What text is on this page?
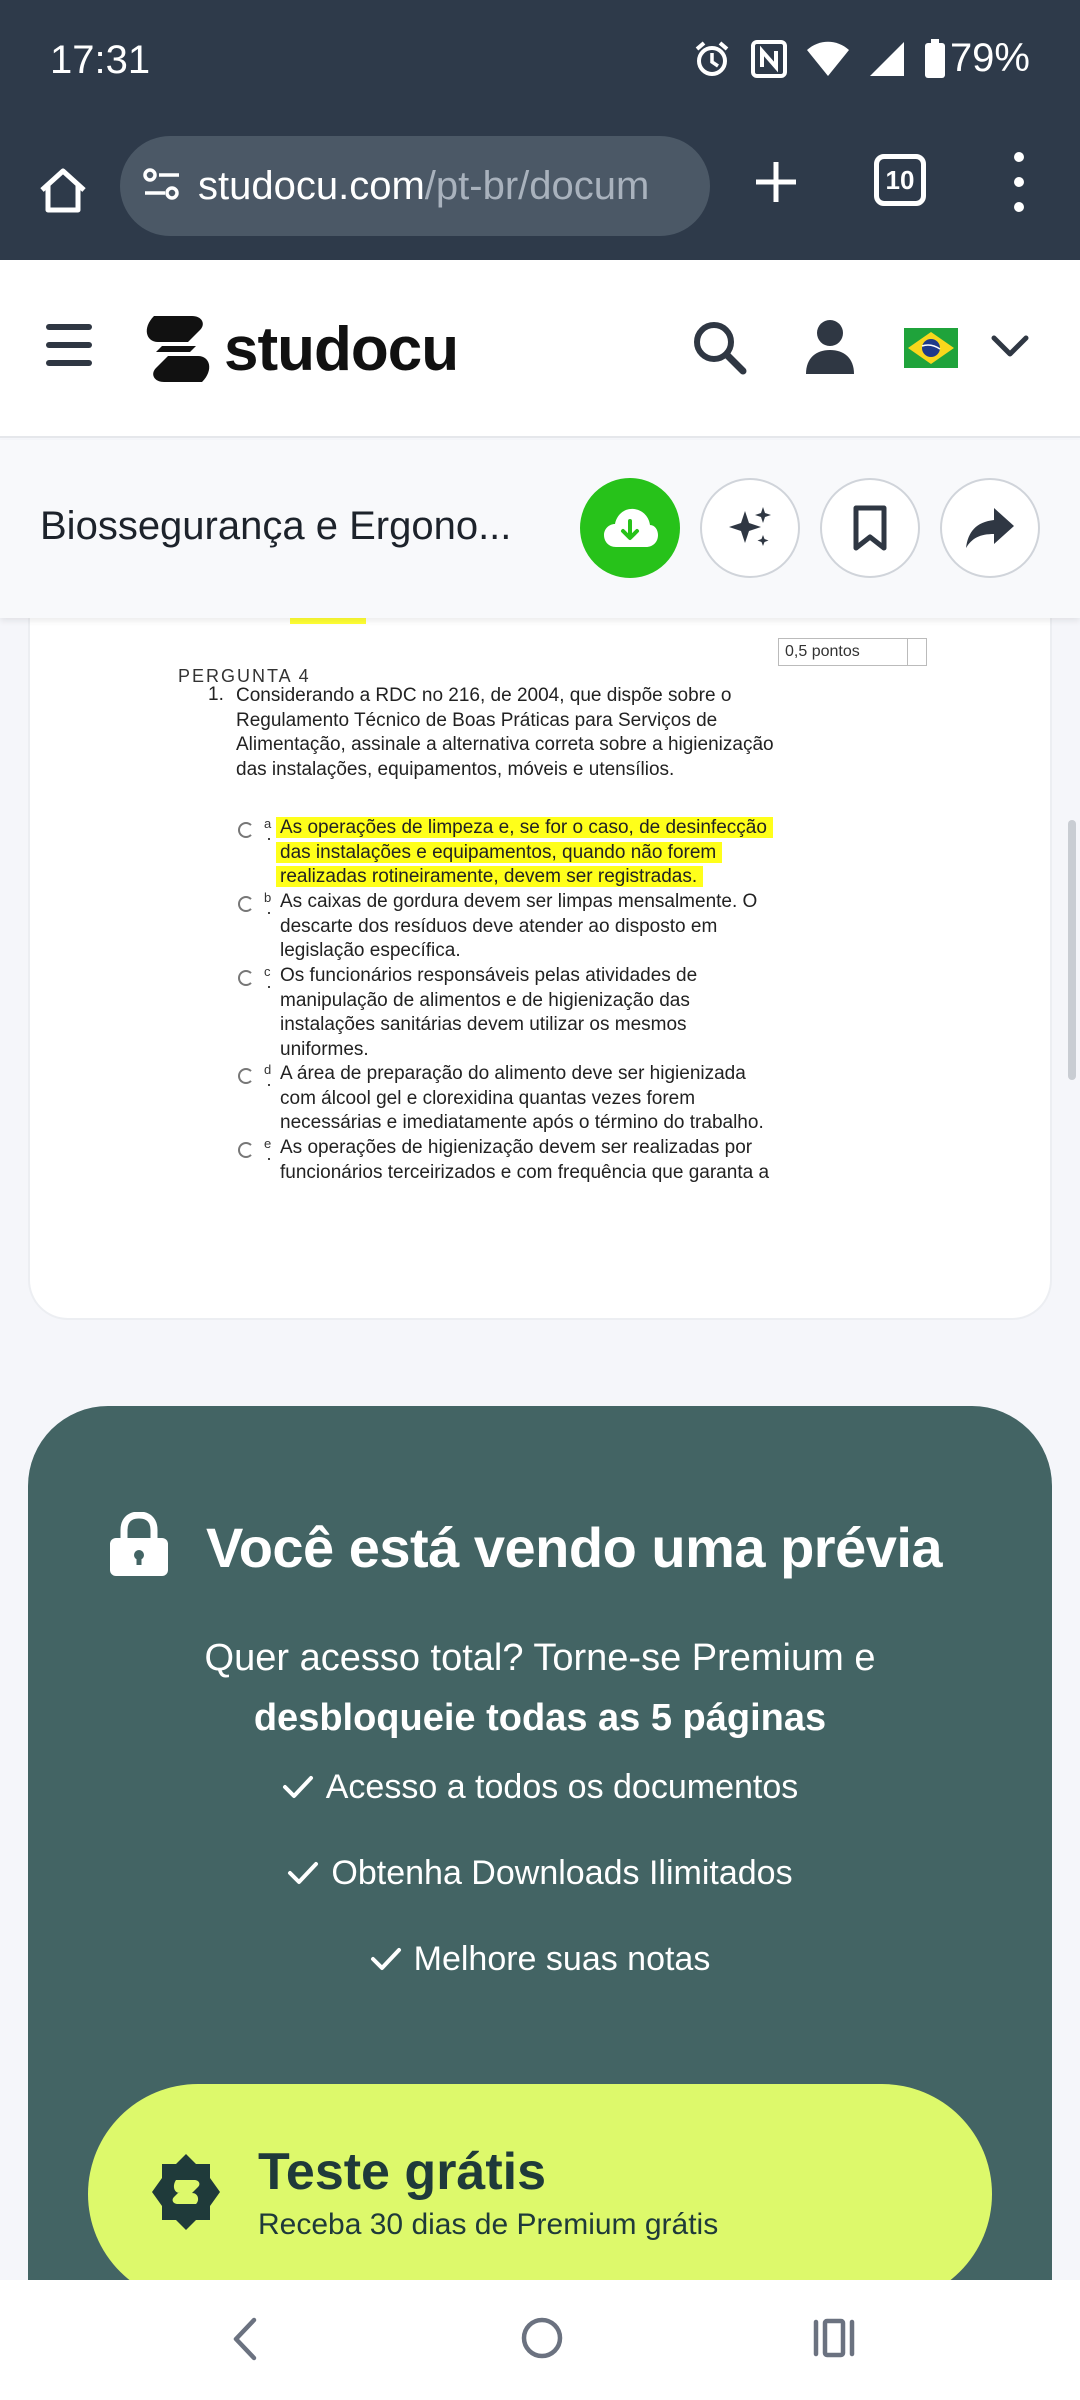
17:31	79%
studocu.com/pt-br/docum	10
studocu
0,5 pontos
PERGUNTA 4
1. Considerando a RDC no 216, de 2004, que dispõe sobre o Regulamento Técnico de Boas Práticas para Serviços de Alimentação, assinale a alternativa correta sobre a higienização das instalações, equipamentos, móveis e utensílios.
a As operações de limpeza e, se for o caso, de desinfecção
das instalações e equipamentos, quando não forem
realizadas rotineiramente, devem ser registradas.
b As caixas de gordura devem ser limpas mensalmente. O
descarte dos resíduos deve atender ao disposto em
legislação específica.
c Os funcionários responsáveis pelas atividades de
manipulação de alimentos e de higienização das
instalações sanitárias devem utilizar os mesmos
uniformes.
d A área de preparação do alimento deve ser higienizada
com álcool gel e clorexidina quantas vezes forem
necessárias e imediatamente após o término do trabalho.
e As operações de higienização devem ser realizadas por
funcionários terceirizados e com frequência que garanta a
Biossegurança e Ergono...
Você está vendo uma prévia
Quer acesso total? Torne-se Premium e
desbloqueie todas as 5 páginas
Acesso a todos os documentos
Obtenha Downloads Ilimitados
Melhore suas notas
Teste grátis
Receba 30 dias de Premium grátis
